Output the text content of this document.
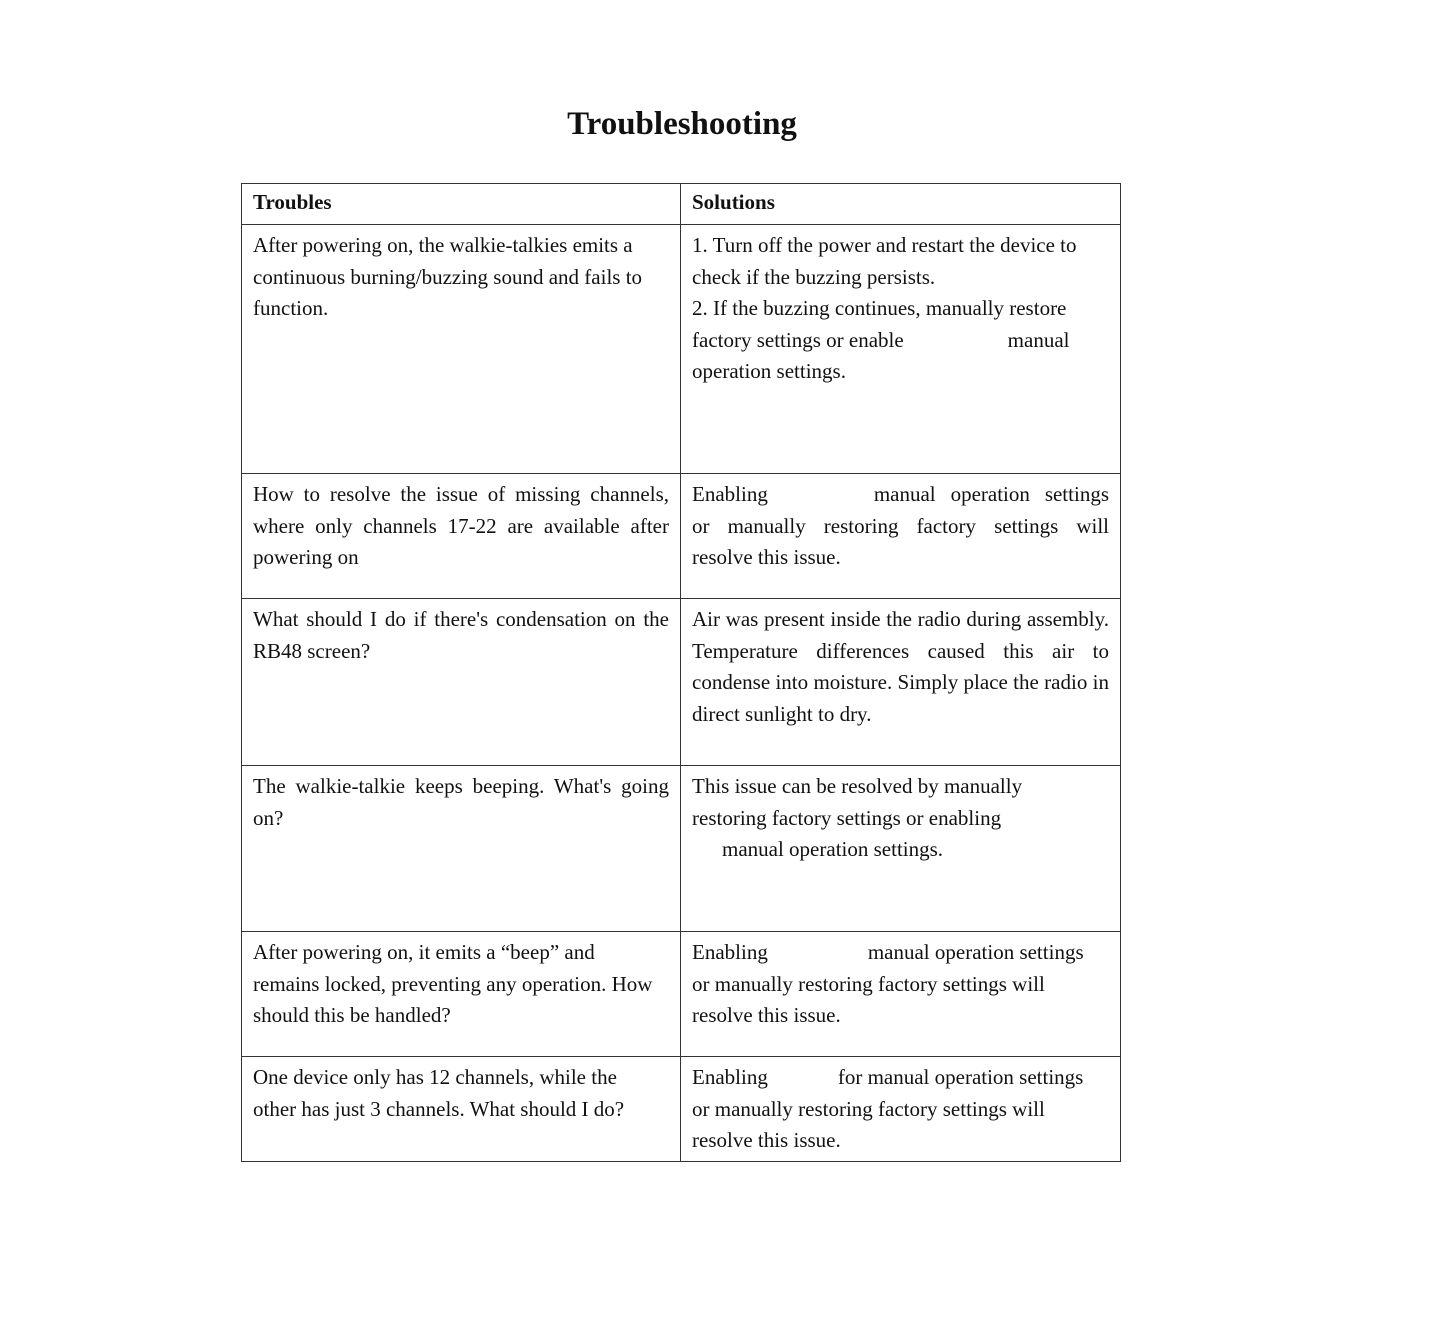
Troubleshooting
Troubles	Solutions
After powering on, the walkie-talkies emits a continuous burning/buzzing sound and fails to function.	1. Turn off the power and restart the device to check if the buzzing persists.
2. If the buzzing continues, manually restore factory settings or enable manual
operation settings.

How to resolve the issue of missing channels, where only channels 17-22 are available after powering on	Enabling manual operation settings or manually restoring factory settings will resolve this issue.
What should I do if there's condensation on the RB48 screen?	Air was present inside the radio during assembly. Temperature differences caused this air to condense into moisture. Simply place the radio in direct sunlight to dry.
The walkie-talkie keeps beeping. What's going on?	This issue can be resolved by manually
restoring factory settings or enabling
manual operation settings.

After powering on, it emits a “beep” and
remains locked, preventing any operation. How
should this be handled?	Enabling manual operation settings
or manually restoring factory settings will
resolve this issue.

One device only has 12 channels, while the
other has just 3 channels. What should I do?	Enabling for manual operation settings
or manually restoring factory settings will
resolve this issue.
